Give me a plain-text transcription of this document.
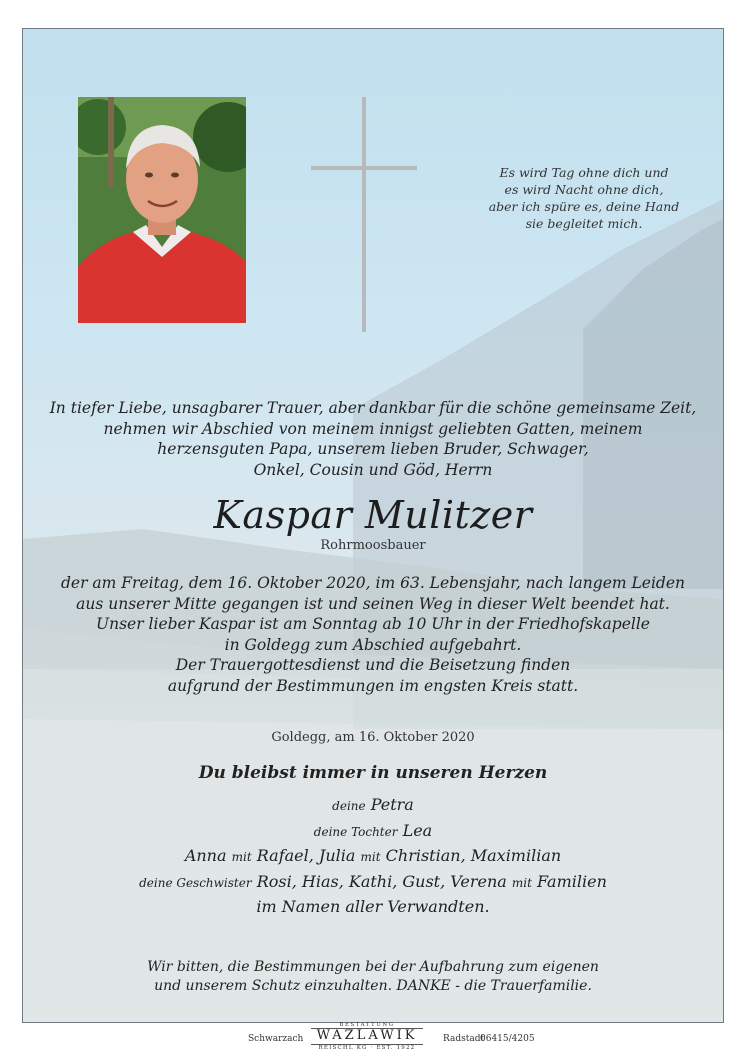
Es wird Tag ohne dich und
es wird Nacht ohne dich,
aber ich spüre es, deine Hand
sie begleitet mich.
In tiefer Liebe, unsagbarer Trauer, aber dankbar für die schöne gemeinsame Zeit,
nehmen wir Abschied von meinem innigst geliebten Gatten, meinem
herzensguten Papa, unserem lieben Bruder, Schwager,
Onkel, Cousin und Göd, Herrn
Kaspar Mulitzer
Rohrmoosbauer
der am Freitag, dem 16. Oktober 2020, im 63. Lebensjahr, nach langem Leiden
aus unserer Mitte gegangen ist und seinen Weg in dieser Welt beendet hat.
Unser lieber Kaspar ist am Sonntag ab 10 Uhr in der Friedhofskapelle
in Goldegg zum Abschied aufgebahrt.
Der Trauergottesdienst und die Beisetzung finden
aufgrund der Bestimmungen im engsten Kreis statt.
Goldegg, am 16. Oktober 2020
Du bleibst immer in unseren Herzen
deine Petra
deine Tochter Lea
Anna mit Rafael, Julia mit Christian, Maximilian
deine Geschwister Rosi, Hias, Kathi, Gust, Verena mit Familien
im Namen aller Verwandten.
Wir bitten, die Bestimmungen bei der Aufbahrung zum eigenen
und unserem Schutz einzuhalten. DANKE - die Trauerfamilie.
Schwarzach
BESTATTUNG
WAZLAWIK
REISCHL KG · EST. 1922
Radstadt
06415/4205
